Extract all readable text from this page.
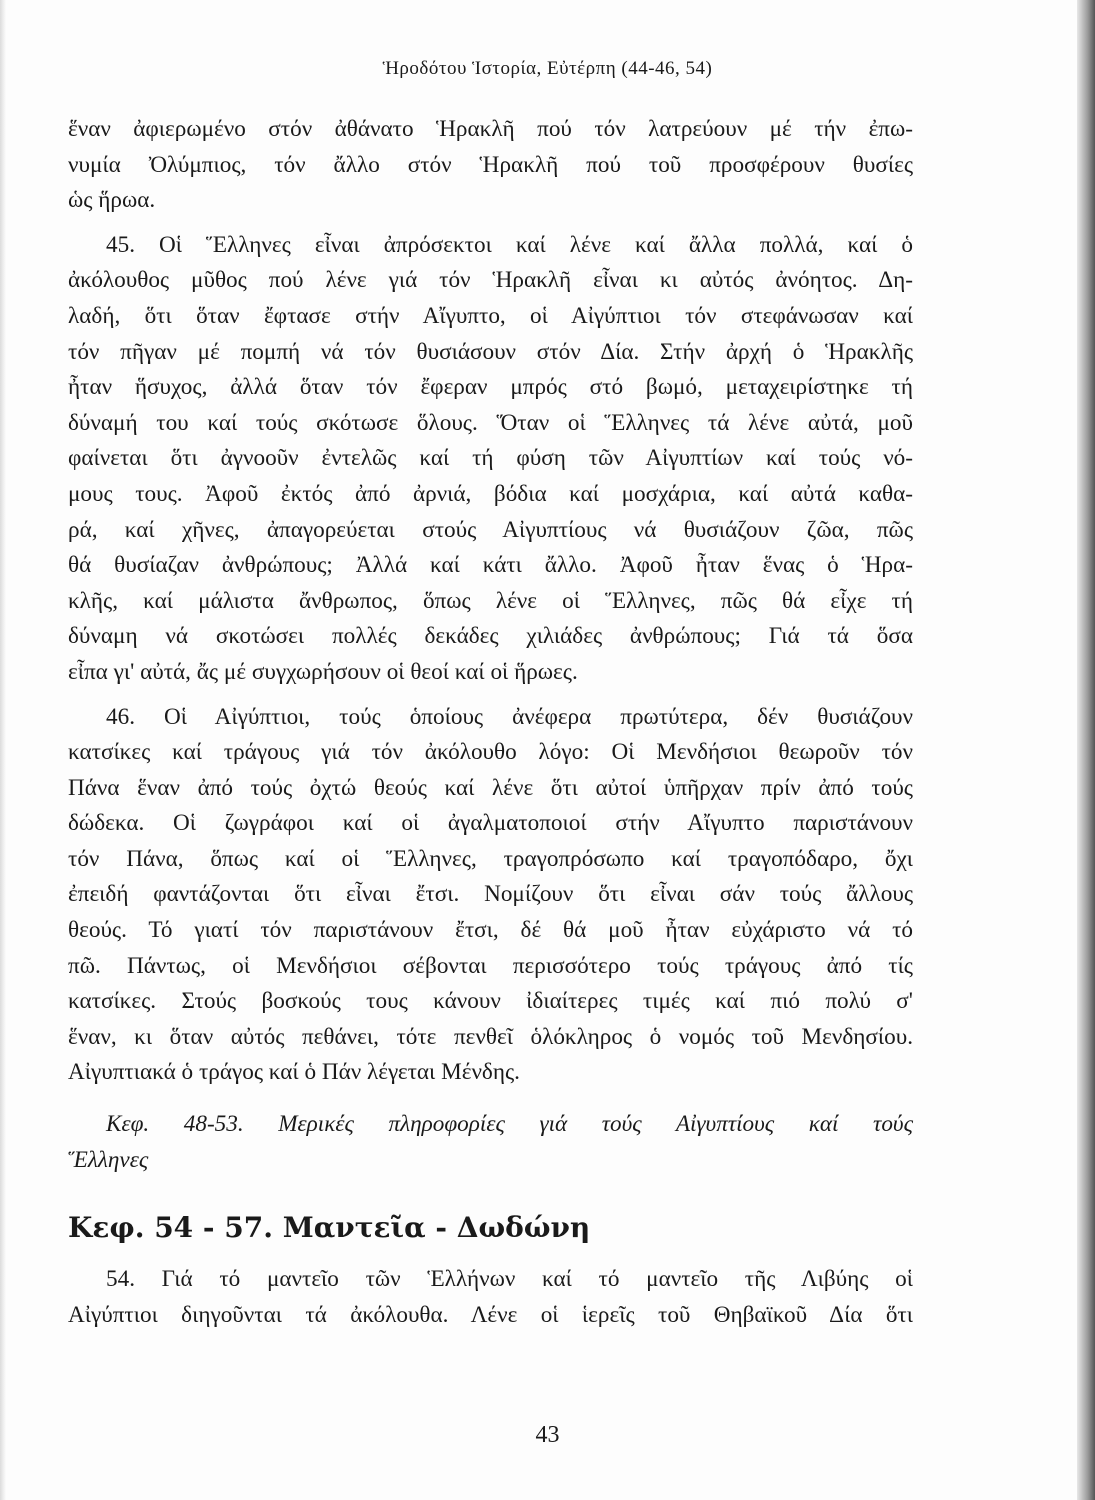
Ἡροδότου Ἱστορία, Εὐτέρπη (44-46, 54)
ἕναν ἀφιερωμένο στόν ἀθάνατο Ἡρακλῆ πού τόν λατρεύουν μέ τήν ἐπω-
νυμία Ὀλύμπιος, τόν ἄλλο στόν Ἡρακλῆ πού τοῦ προσφέρουν θυσίες
ὡς ἥρωα.
45. Οἱ Ἕλληνες εἶναι ἀπρόσεκτοι καί λένε καί ἄλλα πολλά, καί ὁ
ἀκόλουθος μῦθος πού λένε γιά τόν Ἡρακλῆ εἶναι κι αὐτός ἀνόητος. Δη-
λαδή, ὅτι ὅταν ἔφτασε στήν Αἴγυπτο, οἱ Αἰγύπτιοι τόν στεφάνωσαν καί
τόν πῆγαν μέ πομπή νά τόν θυσιάσουν στόν Δία. Στήν ἀρχή ὁ Ἡρακλῆς
ἦταν ἥσυχος, ἀλλά ὅταν τόν ἔφεραν μπρός στό βωμό, μεταχειρίστηκε τή
δύναμή του καί τούς σκότωσε ὅλους. Ὅταν οἱ Ἕλληνες τά λένε αὐτά, μοῦ
φαίνεται ὅτι ἀγνοοῦν ἐντελῶς καί τή φύση τῶν Αἰγυπτίων καί τούς νό-
μους τους. Ἀφοῦ ἐκτός ἀπό ἀρνιά, βόδια καί μοσχάρια, καί αὐτά καθα-
ρά, καί χῆνες, ἀπαγορεύεται στούς Αἰγυπτίους νά θυσιάζουν ζῶα, πῶς
θά θυσίαζαν ἀνθρώπους; Ἀλλά καί κάτι ἄλλο. Ἀφοῦ ἦταν ἕνας ὁ Ἡρα-
κλῆς, καί μάλιστα ἄνθρωπος, ὅπως λένε οἱ Ἕλληνες, πῶς θά εἶχε τή
δύναμη νά σκοτώσει πολλές δεκάδες χιλιάδες ἀνθρώπους; Γιά τά ὅσα
εἶπα γι' αὐτά, ἄς μέ συγχωρήσουν οἱ θεοί καί οἱ ἥρωες.
46. Οἱ Αἰγύπτιοι, τούς ὁποίους ἀνέφερα πρωτύτερα, δέν θυσιάζουν
κατσίκες καί τράγους γιά τόν ἀκόλουθο λόγο: Οἱ Μενδήσιοι θεωροῦν τόν
Πάνα ἕναν ἀπό τούς ὀχτώ θεούς καί λένε ὅτι αὐτοί ὑπῆρχαν πρίν ἀπό τούς
δώδεκα. Οἱ ζωγράφοι καί οἱ ἀγαλματοποιοί στήν Αἴγυπτο παριστάνουν
τόν Πάνα, ὅπως καί οἱ Ἕλληνες, τραγοπρόσωπο καί τραγοπόδαρο, ὄχι
ἐπειδή φαντάζονται ὅτι εἶναι ἔτσι. Νομίζουν ὅτι εἶναι σάν τούς ἄλλους
θεούς. Τό γιατί τόν παριστάνουν ἔτσι, δέ θά μοῦ ἦταν εὐχάριστο νά τό
πῶ. Πάντως, οἱ Μενδήσιοι σέβονται περισσότερο τούς τράγους ἀπό τίς
κατσίκες. Στούς βοσκούς τους κάνουν ἰδιαίτερες τιμές καί πιό πολύ σ'
ἕναν, κι ὅταν αὐτός πεθάνει, τότε πενθεῖ ὁλόκληρος ὁ νομός τοῦ Μενδησίου.
Αἰγυπτιακά ὁ τράγος καί ὁ Πάν λέγεται Μένδης.
Κεφ. 48-53. Μερικές πληροφορίες γιά τούς Αἰγυπτίους καί τούς
Ἕλληνες
Κεφ. 54 - 57. Μαντεῖα - Δωδώνη
54. Γιά τό μαντεῖο τῶν Ἑλλήνων καί τό μαντεῖο τῆς Λιβύης οἱ
Αἰγύπτιοι διηγοῦνται τά ἀκόλουθα. Λένε οἱ ἱερεῖς τοῦ Θηβαϊκοῦ Δία ὅτι
43
